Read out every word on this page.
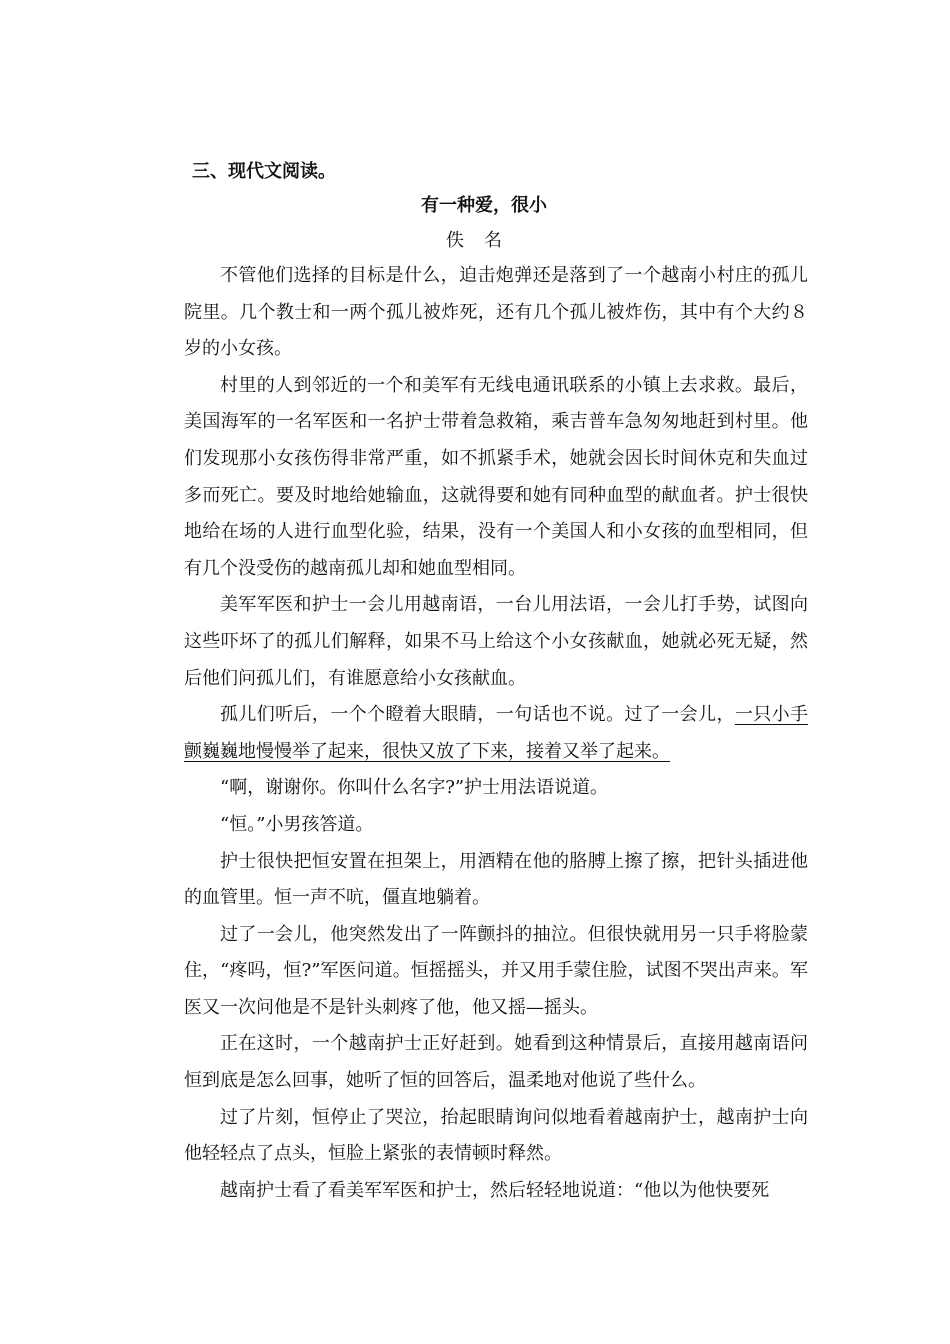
三、现代文阅读。
有一种爱，很小
佚名

不管他们选择的目标是什么，迫击炮弹还是落到了一个越南小村庄的孤儿院里。几个教士和一两个孤儿被炸死，还有几个孤儿被炸伤，其中有个大约８岁的小女孩。

村里的人到邻近的一个和美军有无线电通讯联系的小镇上去求救。最后，美国海军的一名军医和一名护士带着急救箱，乘吉普车急匆匆地赶到村里。他们发现那小女孩伤得非常严重，如不抓紧手术，她就会因长时间休克和失血过多而死亡。要及时地给她输血，这就得要和她有同种血型的献血者。护士很快地给在场的人进行血型化验，结果，没有一个美国人和小女孩的血型相同，但有几个没受伤的越南孤儿却和她血型相同。

美军军医和护士一会儿用越南语，一台儿用法语，一会儿打手势，试图向这些吓坏了的孤儿们解释，如果不马上给这个小女孩献血，她就必死无疑，然后他们问孤儿们，有谁愿意给小女孩献血。

孤儿们听后，一个个瞪着大眼睛，一句话也不说。过了一会儿，一只小手颤巍巍地慢慢举了起来，很快又放了下来，接着又举了起来。

“啊，谢谢你。你叫什么名字?”护士用法语说道。

“恒。”小男孩答道。

护士很快把恒安置在担架上，用酒精在他的胳膊上擦了擦，把针头插进他的血管里。恒一声不吭，僵直地躺着。

过了一会儿，他突然发出了一阵颤抖的抽泣。但很快就用另一只手将脸蒙住，“疼吗，恒?”军医问道。恒摇摇头，并又用手蒙住脸，试图不哭出声来。军医又一次问他是不是针头刺疼了他，他又摇—摇头。

正在这时，一个越南护士正好赶到。她看到这种情景后，直接用越南语问恒到底是怎么回事，她听了恒的回答后，温柔地对他说了些什么。

过了片刻，恒停止了哭泣，抬起眼睛询问似地看着越南护士，越南护士向他轻轻点了点头，恒脸上紧张的表情顿时释然。

越南护士看了看美军军医和护士，然后轻轻地说道：“他以为他快要死
